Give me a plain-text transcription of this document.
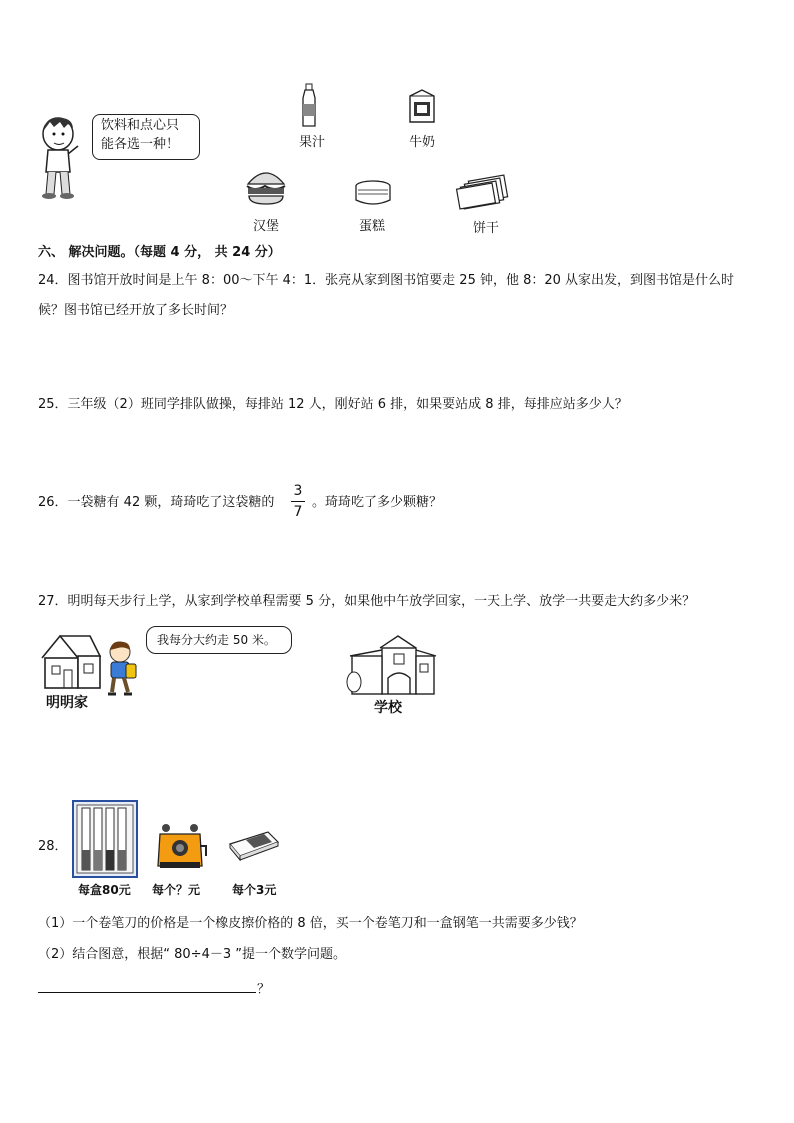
饮料和点心只
能各选一种！	果汁	牛奶
汉堡	蛋糕	饼干
六、 解决问题。（每题 4 分， 共 24 分）
24．图书馆开放时间是上午 8：00～下午 4：1．张亮从家到图书馆要走 25 钟，他 8：20 从家出发，到图书馆是什么时
候？图书馆已经开放了多长时间？
25．三年级（2）班同学排队做操，每排站 12 人，刚好站 6 排，如果要站成 8 排，每排应站多少人？
26．一袋糖有 42 颗，琦琦吃了这袋糖的
3
7
。琦琦吃了多少颗糖？
27．明明每天步行上学，从家到学校单程需要 5 分，如果他中午放学回家，一天上学、放学一共要走大约多少米？
明明家
我每分大约走 50 米。
学校
28．
每盒80元 每个？元	每个3元
（1）一个卷笔刀的价格是一个橡皮擦价格的 8 倍，买一个卷笔刀和一盒钢笔一共需要多少钱？
（2）结合图意，根据“ 80÷4－3 ”提一个数学问题。
？
